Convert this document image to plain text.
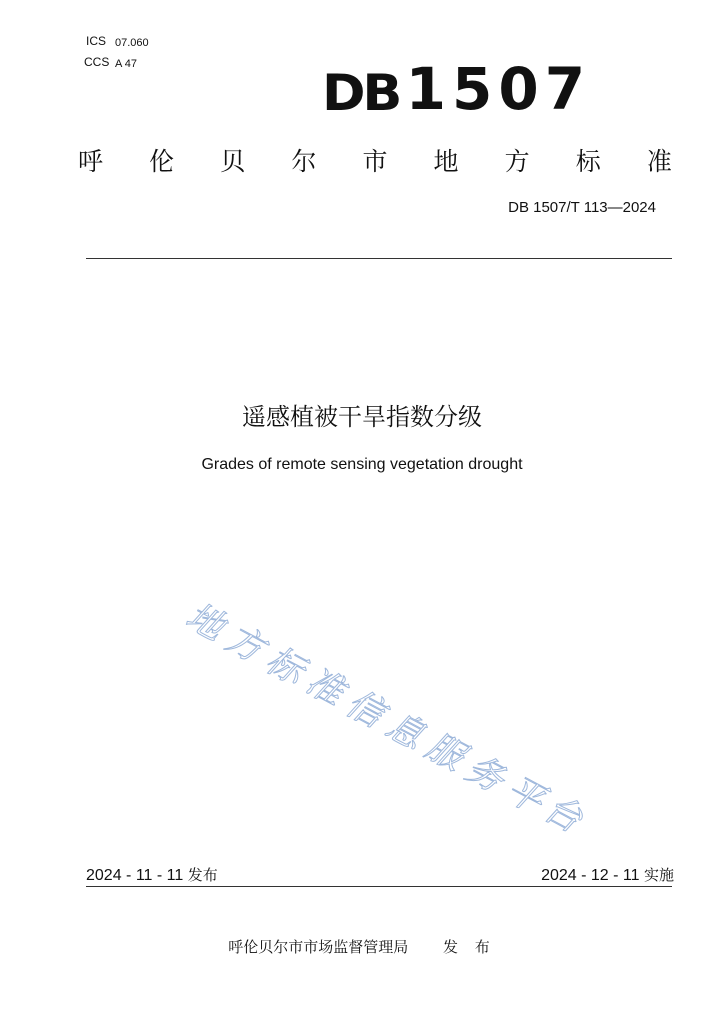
ICS 07.060
CCS A 47	DB 1507
呼 伦 贝 尔 市 地 方 标 准
DB 1507/T 113—2024
遥感植被干旱指数分级
Grades of remote sensing vegetation drought
地
方
标
准
信
息
服
务
平
台
2024 - 11 - 11 发布	2024 - 12 - 11 实施
呼伦贝尔市市场监督管理局 发 布
